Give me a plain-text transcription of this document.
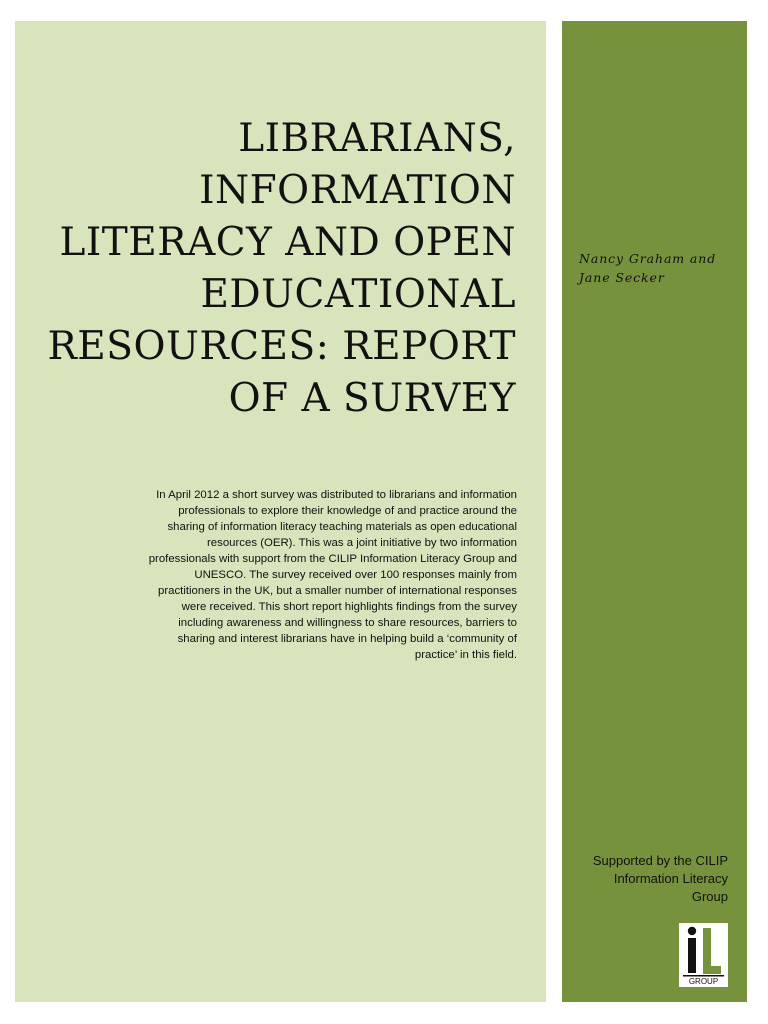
LIBRARIANS,
INFORMATION
LITERACY AND OPEN
EDUCATIONAL
RESOURCES: REPORT
OF A SURVEY

In April 2012 a short survey was distributed to librarians and information
professionals to explore their knowledge of and practice around the
sharing of information literacy teaching materials as open educational
resources (OER). This was a joint initiative by two information
professionals with support from the CILIP Information Literacy Group and
UNESCO. The survey received over 100 responses mainly from
practitioners in the UK, but a smaller number of international responses
were received. This short report highlights findings from the survey
including awareness and willingness to share resources, barriers to
sharing and interest librarians have in helping build a ‘community of
practice’ in this field.

Nancy Graham and
Jane Secker

Supported by the CILIP
Information Literacy
Group

GROUP
